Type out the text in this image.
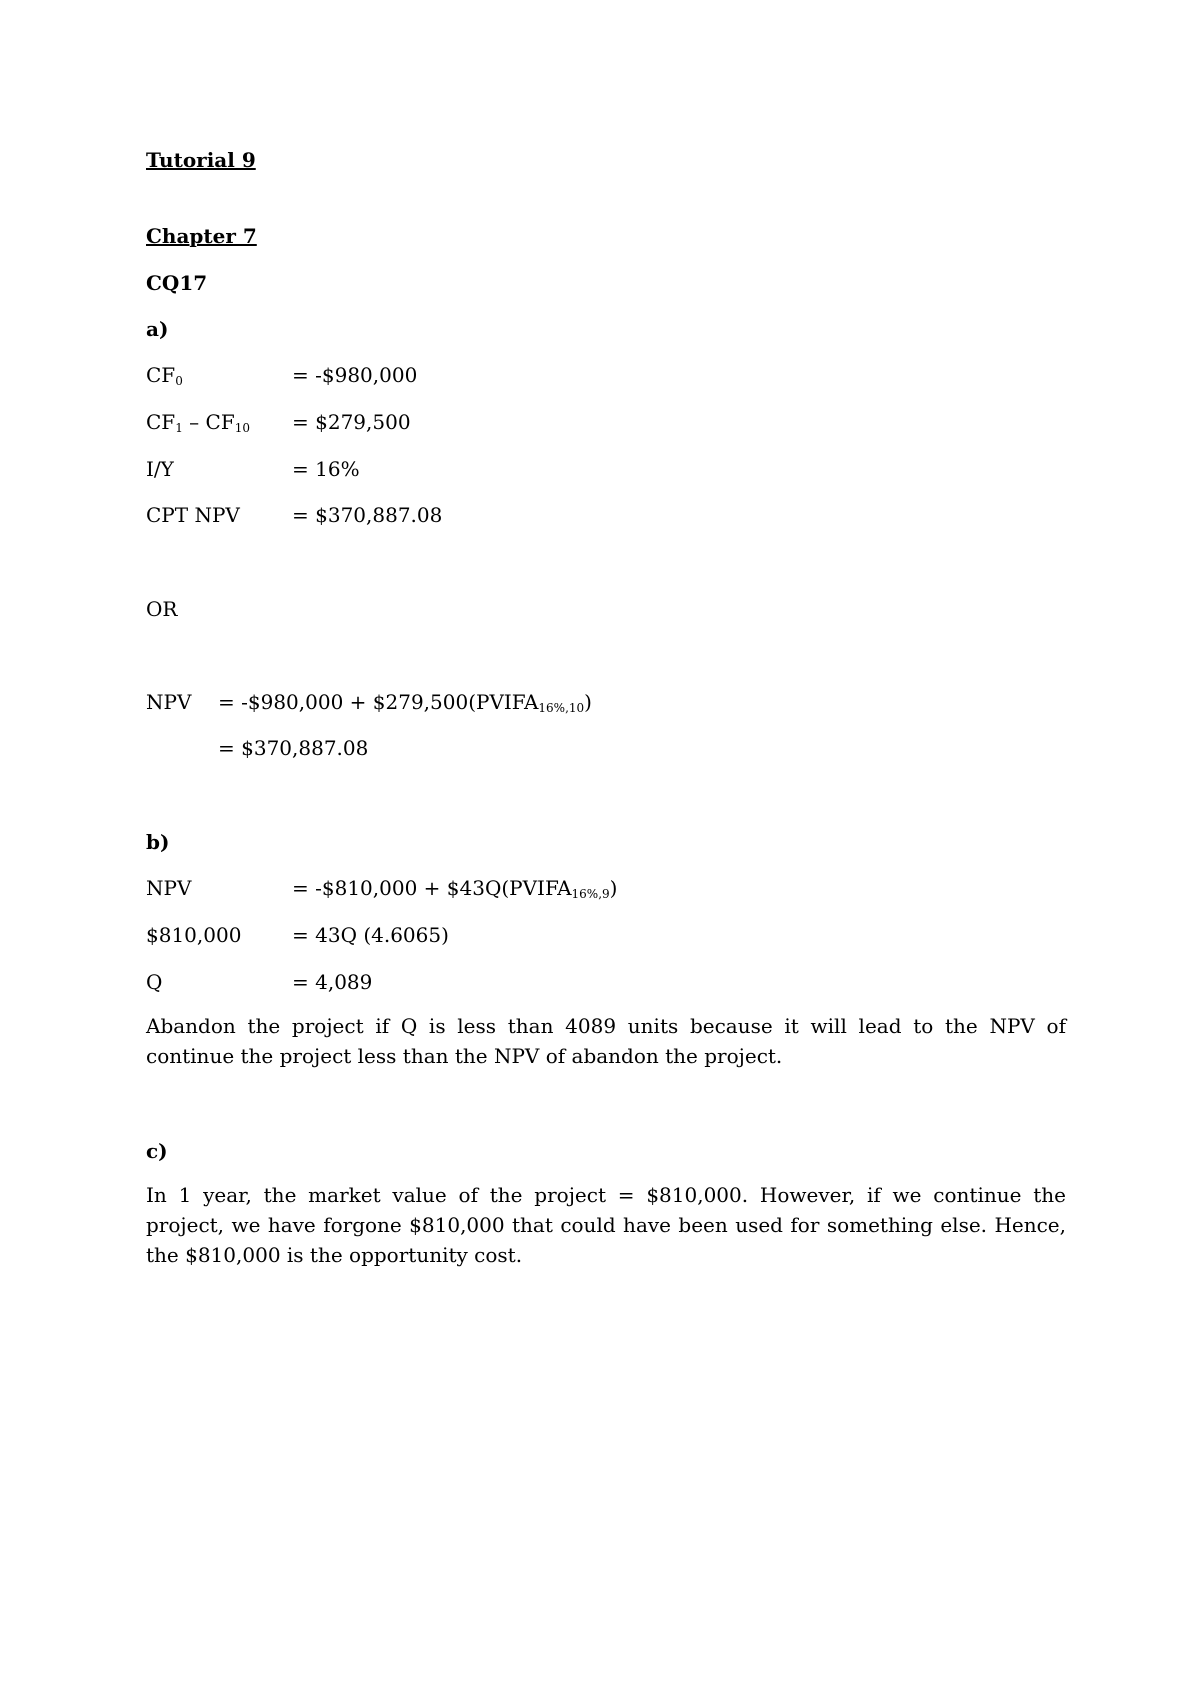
Tutorial 9
Chapter 7
CQ17
a)
$CF_0$	= -$980,000
$CF_1 - CF_{10}$ = $279,500
I/Y	= 16%
CPT NPV	= $370,887.08
OR
NPV = -$980,000 + $\$279,500(PVIFA_{16\%,10})$
= $370,887.08
b)
NPV	= -$810,000 + $\$43Q(PVIFA_{16\%,9})$
$810,000	= 43Q (4.6065)
Q	= 4,089
Abandon the project if Q is less than 4089 units because it will lead to the NPV of continue the project less than the NPV of abandon the project.
c)
In 1 year, the market value of the project = $810,000. However, if we continue the project, we have forgone $810,000 that could have been used for something else. Hence, the $810,000 is the opportunity cost.
